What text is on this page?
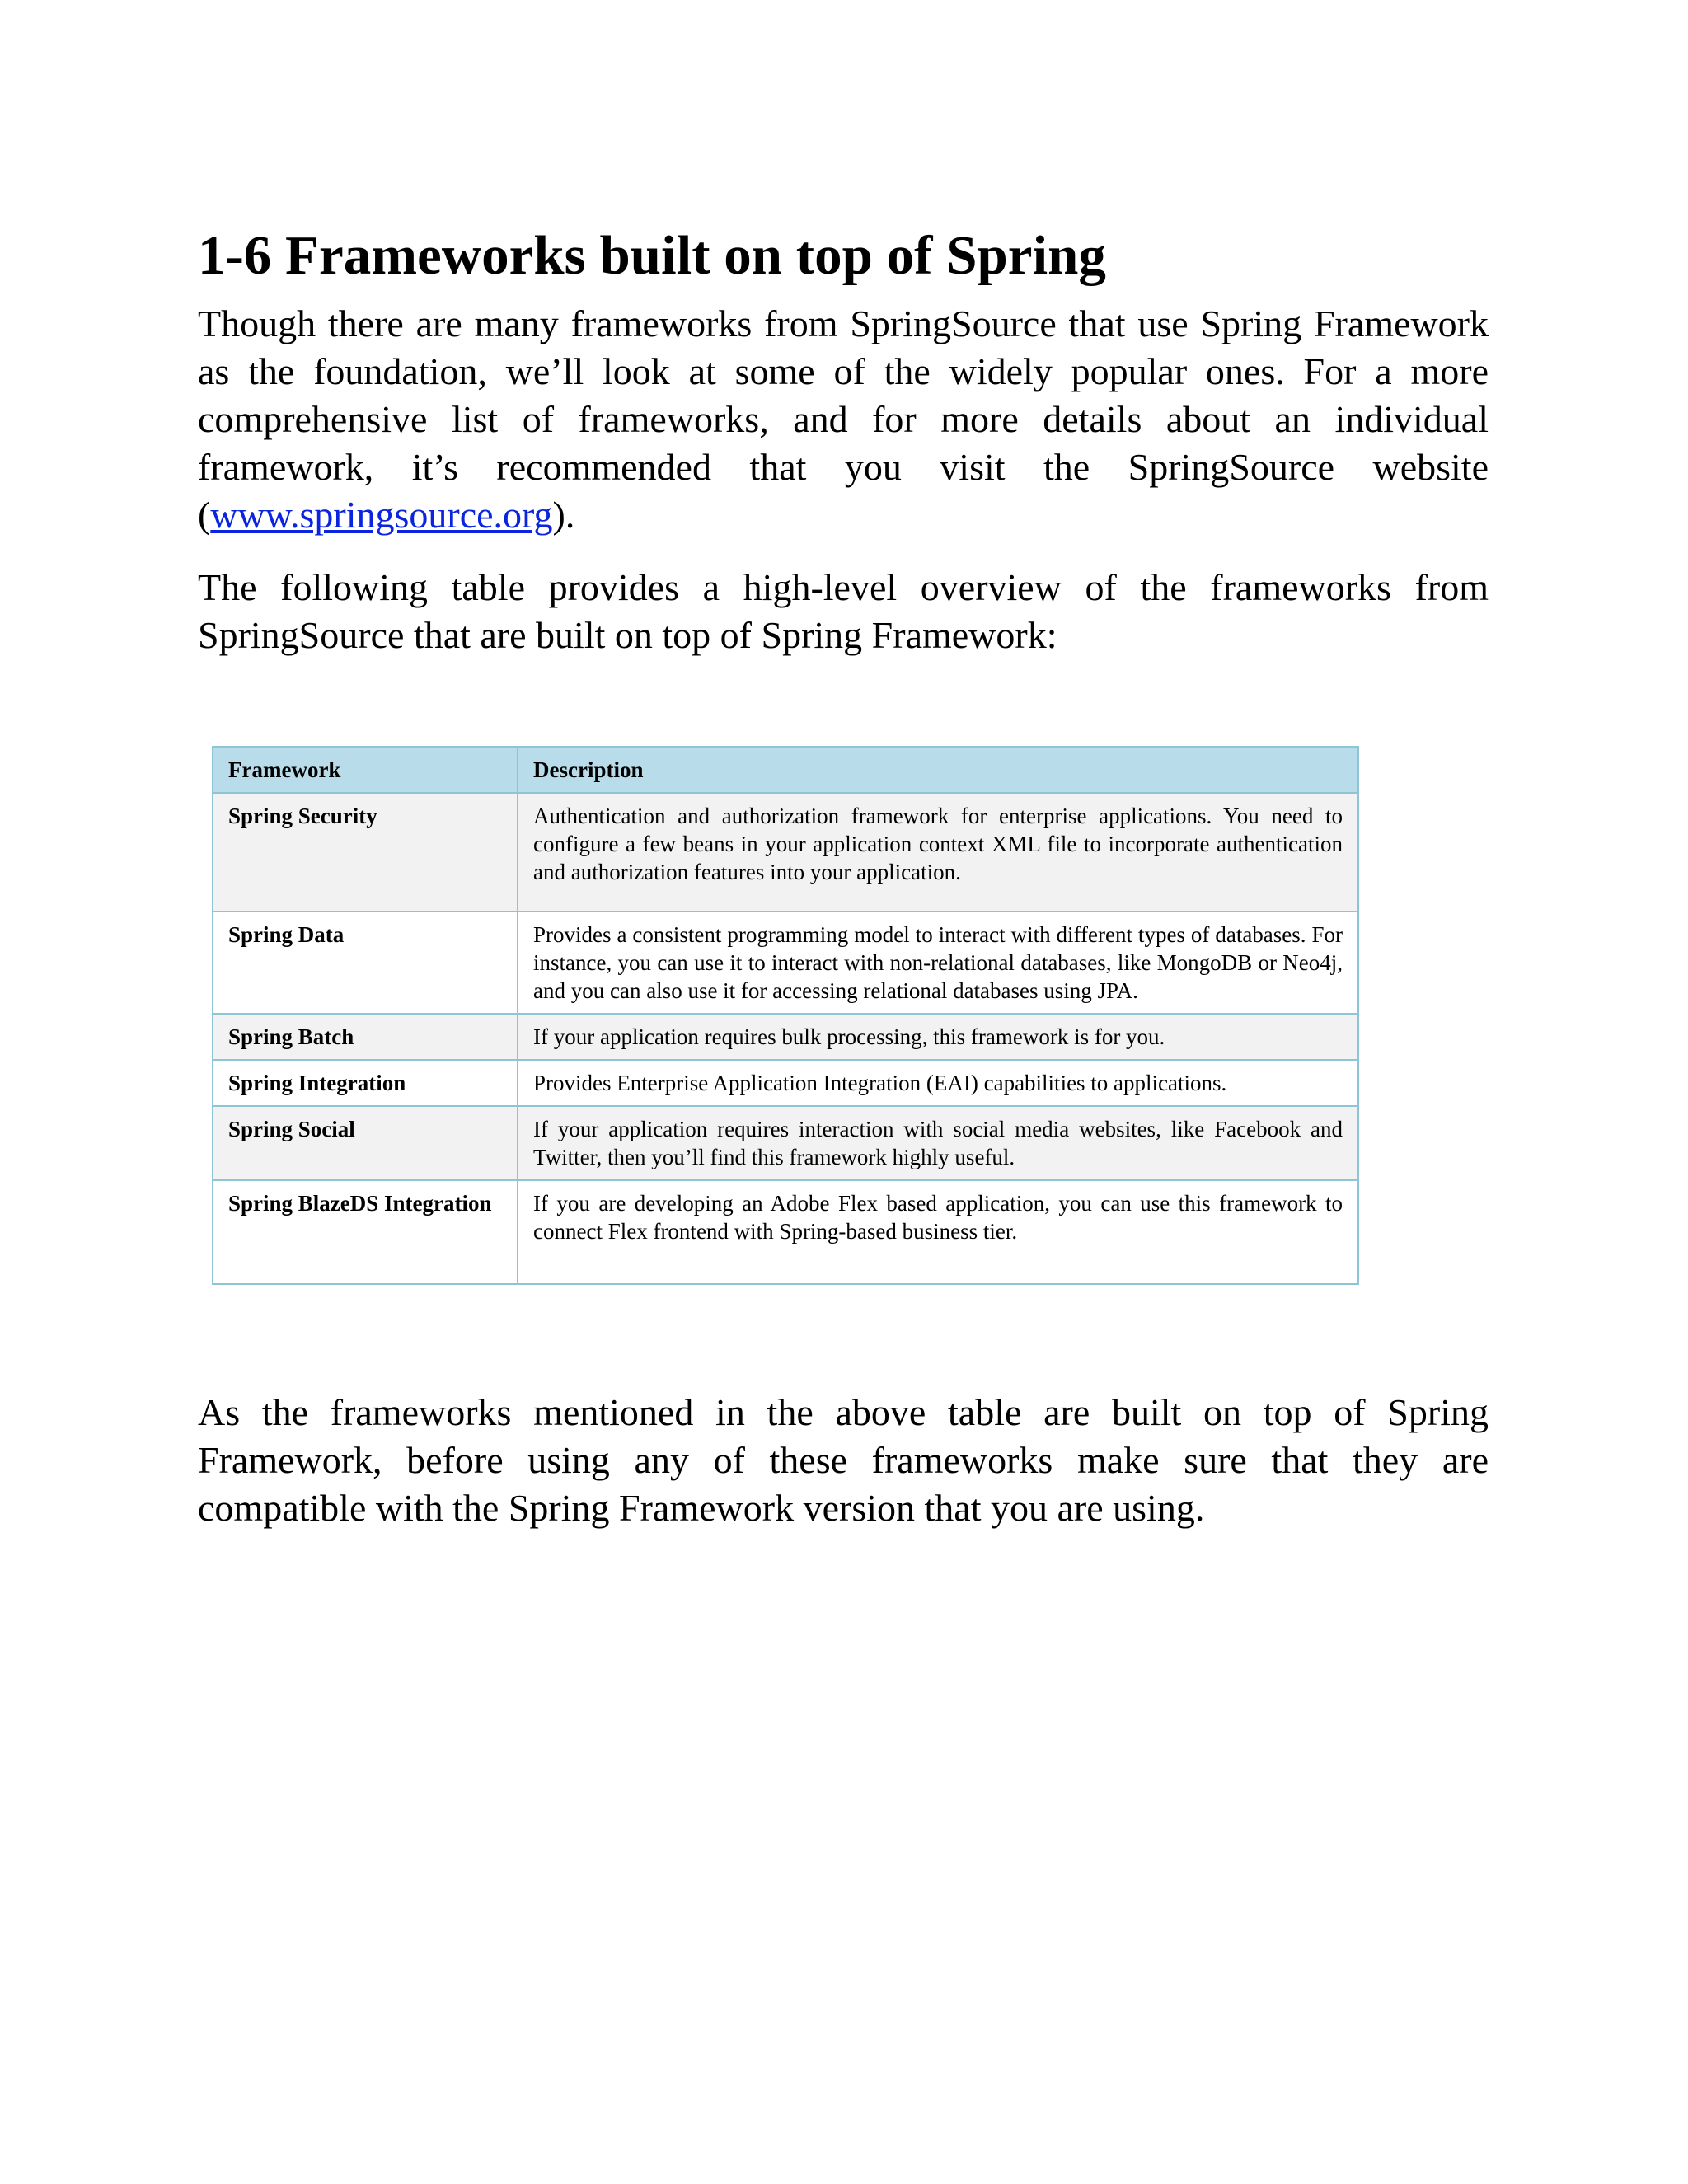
1-6 Frameworks built on top of Spring

Though there are many frameworks from SpringSource that use Spring Framework as the foundation, we’ll look at some of the widely popular ones. For a more comprehensive list of frameworks, and for more details about an individual framework, it’s recommended that you visit the SpringSource website (www.springsource.org).

The following table provides a high-level overview of the frameworks from SpringSource that are built on top of Spring Framework:

Framework	Description
Spring Security	Authentication and authorization framework for enterprise applications. You need to configure a few beans in your application context XML file to incorporate authentication and authorization features into your application.
Spring Data	Provides a consistent programming model to interact with different types of databases. For instance, you can use it to interact with non-relational databases, like MongoDB or Neo4j, and you can also use it for accessing relational databases using JPA.
Spring Batch	If your application requires bulk processing, this framework is for you.
Spring Integration	Provides Enterprise Application Integration (EAI) capabilities to applications.
Spring Social	If your application requires interaction with social media websites, like Facebook and Twitter, then you’ll find this framework highly useful.
Spring BlazeDS Integration	If you are developing an Adobe Flex based application, you can use this framework to connect Flex frontend with Spring-based business tier.

As the frameworks mentioned in the above table are built on top of Spring Framework, before using any of these frameworks make sure that they are compatible with the Spring Framework version that you are using.
